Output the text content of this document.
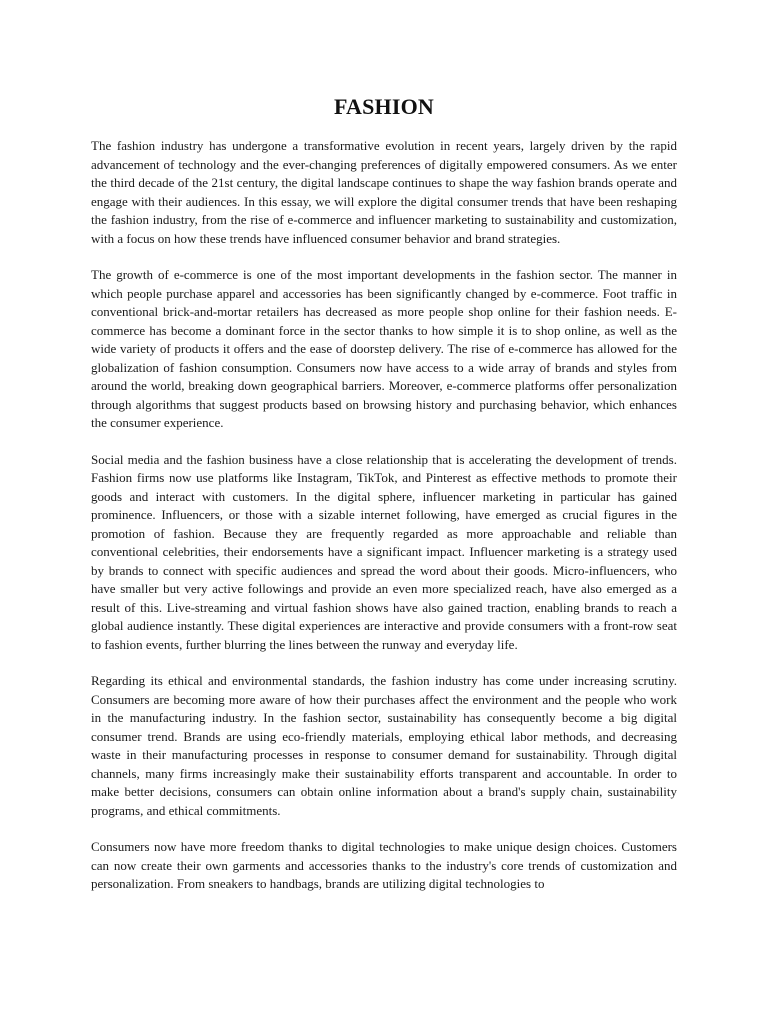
FASHION

The fashion industry has undergone a transformative evolution in recent years, largely driven by the rapid advancement of technology and the ever-changing preferences of digitally empowered consumers. As we enter the third decade of the 21st century, the digital landscape continues to shape the way fashion brands operate and engage with their audiences. In this essay, we will explore the digital consumer trends that have been reshaping the fashion industry, from the rise of e-commerce and influencer marketing to sustainability and customization, with a focus on how these trends have influenced consumer behavior and brand strategies.

The growth of e-commerce is one of the most important developments in the fashion sector. The manner in which people purchase apparel and accessories has been significantly changed by e-commerce. Foot traffic in conventional brick-and-mortar retailers has decreased as more people shop online for their fashion needs. E-commerce has become a dominant force in the sector thanks to how simple it is to shop online, as well as the wide variety of products it offers and the ease of doorstep delivery. The rise of e-commerce has allowed for the globalization of fashion consumption. Consumers now have access to a wide array of brands and styles from around the world, breaking down geographical barriers. Moreover, e-commerce platforms offer personalization through algorithms that suggest products based on browsing history and purchasing behavior, which enhances the consumer experience.

Social media and the fashion business have a close relationship that is accelerating the development of trends. Fashion firms now use platforms like Instagram, TikTok, and Pinterest as effective methods to promote their goods and interact with customers. In the digital sphere, influencer marketing in particular has gained prominence. Influencers, or those with a sizable internet following, have emerged as crucial figures in the promotion of fashion. Because they are frequently regarded as more approachable and reliable than conventional celebrities, their endorsements have a significant impact. Influencer marketing is a strategy used by brands to connect with specific audiences and spread the word about their goods. Micro-influencers, who have smaller but very active followings and provide an even more specialized reach, have also emerged as a result of this. Live-streaming and virtual fashion shows have also gained traction, enabling brands to reach a global audience instantly. These digital experiences are interactive and provide consumers with a front-row seat to fashion events, further blurring the lines between the runway and everyday life.

Regarding its ethical and environmental standards, the fashion industry has come under increasing scrutiny. Consumers are becoming more aware of how their purchases affect the environment and the people who work in the manufacturing industry. In the fashion sector, sustainability has consequently become a big digital consumer trend. Brands are using eco-friendly materials, employing ethical labor methods, and decreasing waste in their manufacturing processes in response to consumer demand for sustainability. Through digital channels, many firms increasingly make their sustainability efforts transparent and accountable. In order to make better decisions, consumers can obtain online information about a brand's supply chain, sustainability programs, and ethical commitments.

Consumers now have more freedom thanks to digital technologies to make unique design choices. Customers can now create their own garments and accessories thanks to the industry's core trends of customization and personalization. From sneakers to handbags, brands are utilizing digital technologies to
